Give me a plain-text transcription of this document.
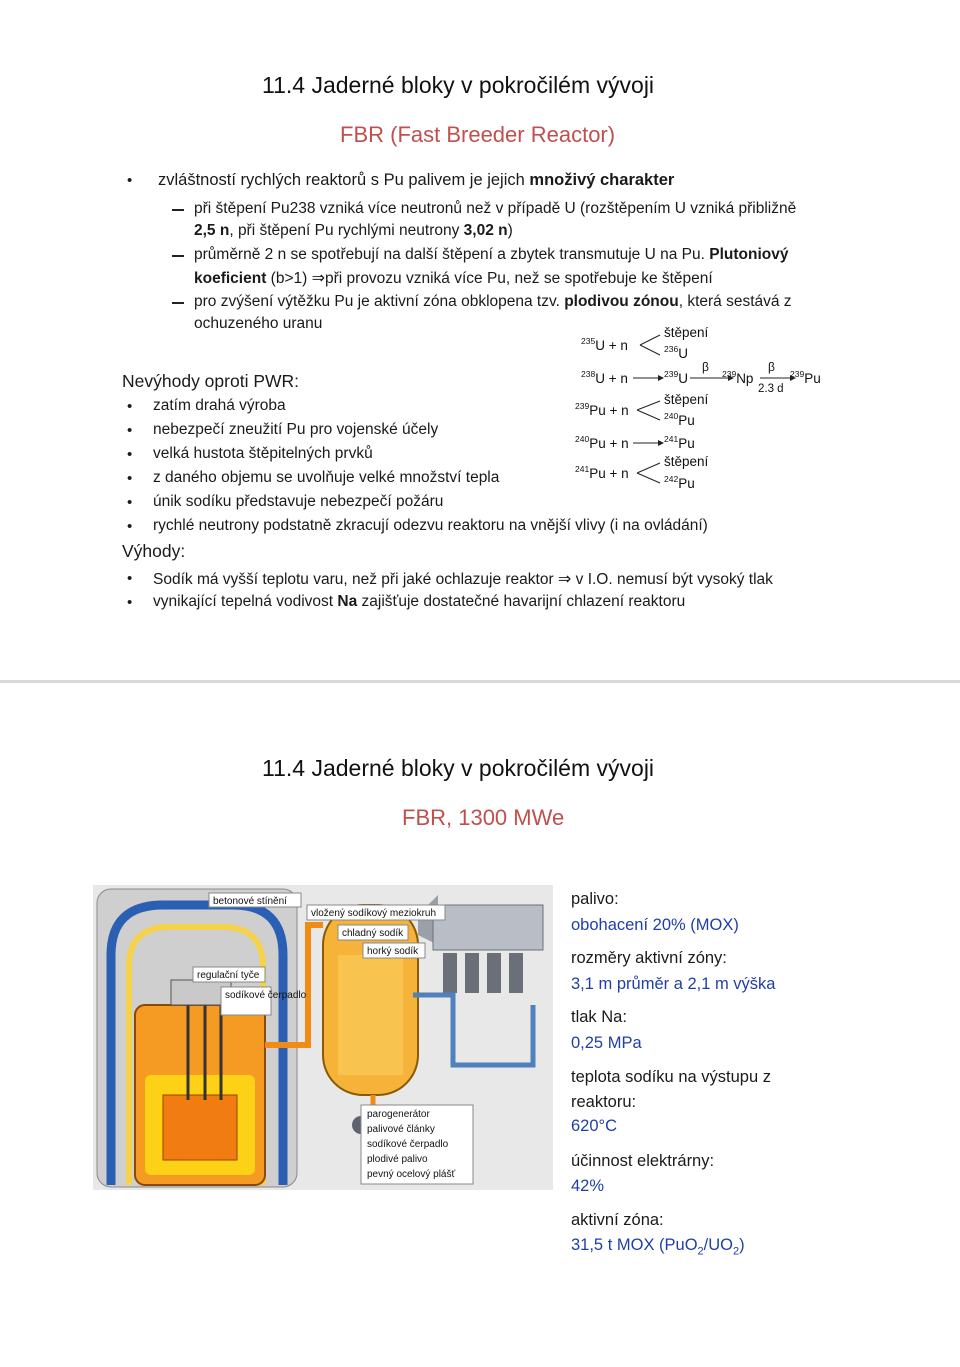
11.4 Jaderné bloky v pokročilém vývoji
FBR (Fast Breeder Reactor)
• zvláštností rychlých reaktorů s Pu palivem je jejich množivý charakter
při štěpení Pu238 vzniká více neutronů než v případě U (rozštěpením U vzniká přibližně
2,5 n, při štěpení Pu rychlými neutrony 3,02 n)
průměrně 2 n se spotřebují na další štěpení a zbytek transmutuje U na Pu. Plutoniový
koeficient (b>1) ⇒při provozu vzniká více Pu, než se spotřebuje ke štěpení
pro zvýšení výtěžku Pu je aktivní zóna obklopena tzv. plodivou zónou, která sestává z
ochuzeného uranu
Nevýhody oproti PWR:
• zatím drahá výroba
• nebezpečí zneužití Pu pro vojenské účely
• velká hustota štěpitelných prvků
• z daného objemu se uvolňuje velké množství tepla
• únik sodíku představuje nebezpečí požáru
• rychlé neutrony podstatně zkracují odezvu reaktoru na vnější vlivy (i na ovládání)
Výhody:
• Sodík má vyšší teplotu varu, než při jaké ochlazuje reaktor ⇒ v I.O. nemusí být vysoký tlak
• vynikající tepelná vodivost Na zajišťuje dostatečné havarijní chlazení reaktoru
$^{235}$U + n
štěpení
$^{236}$U
$^{238}$U + n	$^{239}$U
β $^{239}$Np
β
2.3 d
$^{239}$Pu
$^{239}$Pu + n
štěpení
$^{240}$Pu
$^{240}$Pu + n	$^{241}$Pu
$^{241}$Pu + n
štěpení
$^{242}$Pu
11.4 Jaderné bloky v pokročilém vývoji
FBR, 1300 MWe
betonové stínění
vložený sodíkový meziokruh
chladný sodík
horký sodík
regulační tyče
sodíkové čerpadlo
parogenerátor
palivové články
sodíkové čerpadlo
plodivé palivo
pevný ocelový plášť
palivo:
obohacení 20% (MOX)
rozměry aktivní zóny:
3,1 m průměr a 2,1 m výška
tlak Na:
0,25 MPa
teplota sodíku na výstupu z
reaktoru:
620°C
účinnost elektrárny:
42%
aktivní zóna:
31,5 t MOX $(PuO_2/UO_2)$
